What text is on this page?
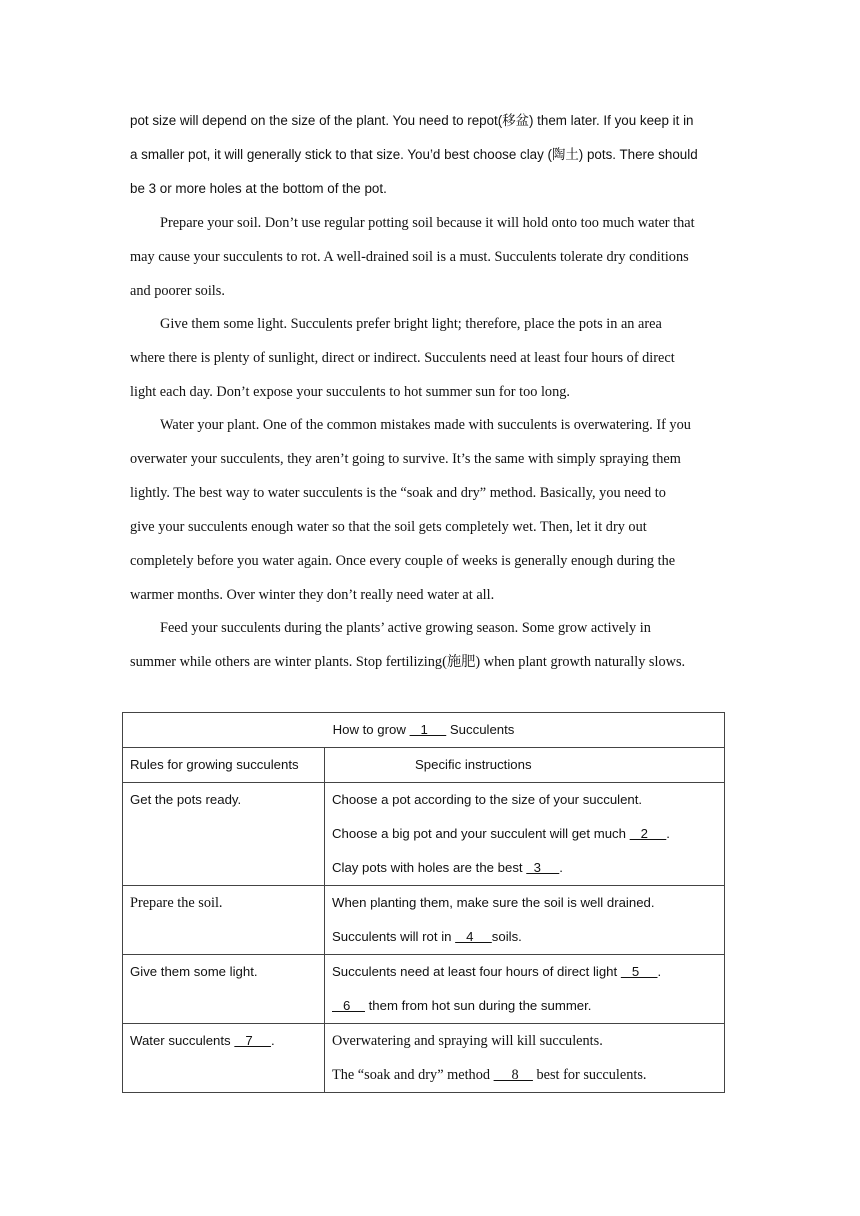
pot size will depend on the size of the plant. You need to repot(移盆) them later. If you keep it in
a smaller pot, it will generally stick to that size. You’d best choose clay (陶土) pots. There should
be 3 or more holes at the bottom of the pot.
Prepare your soil. Don’t use regular potting soil because it will hold onto too much water that
may cause your succulents to rot. A well-drained soil is a must. Succulents tolerate dry conditions
and poorer soils.
Give them some light. Succulents prefer bright light; therefore, place the pots in an area
where there is plenty of sunlight, direct or indirect. Succulents need at least four hours of direct
light each day. Don’t expose your succulents to hot summer sun for too long.
Water your plant. One of the common mistakes made with succulents is overwatering. If you
overwater your succulents, they aren’t going to survive. It’s the same with simply spraying them
lightly. The best way to water succulents is the “soak and dry” method. Basically, you need to
give your succulents enough water so that the soil gets completely wet. Then, let it dry out
completely before you water again. Once every couple of weeks is generally enough during the
warmer months. Over winter they don’t really need water at all.
Feed your succulents during the plants’ active growing season. Some grow actively in
summer while others are winter plants. Stop fertilizing(施肥) when plant growth naturally slows.
How to grow    1      Succulents	

Rules for growing succulents	Specific instructions

Get the pots ready.	Choose a pot according to the size of your succulent.
Choose a big pot and your succulent will get much    2     .
Clay pots with holes are the best   3     .

Prepare the soil.	When planting them, make sure the soil is well drained.
Succulents will rot in    4     soils.

Give them some light.	Succulents need at least four hours of direct light    5     .
6     them from hot sun during the summer.

Water succulents    7     .	Overwatering and spraying will kill succulents.
The “soak and dry” method      8     best for succulents.
